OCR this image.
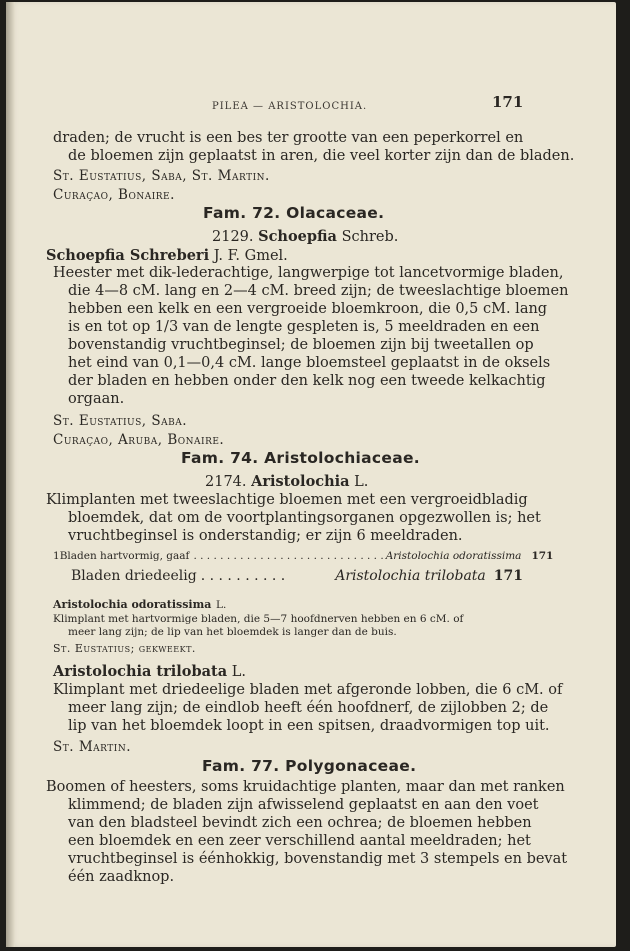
PILEA — ARISTOLOCHIA.	171
draden; de vrucht is een bes ter grootte van een peperkorrel en
de bloemen zijn geplaatst in aren, die veel korter zijn dan de bladen.
St. Eustatius, Saba, St. Martin.
Curaçao, Bonaire.
Fam. 72. Olacaceae.
2129. Schoepfia Schreb.
Schoepfia Schreberi J. F. Gmel.
Heester met dik-lederachtige, langwerpige tot lancetvormige bladen,
die 4—8 cM. lang en 2—4 cM. breed zijn; de tweeslachtige bloemen
hebben een kelk en een vergroeide bloemkroon, die 0,5 cM. lang
is en tot op 1/3 van de lengte gespleten is, 5 meeldraden en een
bovenstandig vruchtbeginsel; de bloemen zijn bij tweetallen op
het eind van 0,1—0,4 cM. lange bloemsteel geplaatst in de oksels
der bladen en hebben onder den kelk nog een tweede kelkachtig
orgaan.
St. Eustatius, Saba.
Curaçao, Aruba, Bonaire.
Fam. 74. Aristolochiaceae.
2174. Aristolochia L.
Klimplanten met tweeslachtige bloemen met een vergroeidbladig
bloemdek, dat om de voortplantingsorganen opgezwollen is; het
vruchtbeginsel is onderstandig; er zijn 6 meeldraden.
1 Bladen hartvormig, gaaf . . . . . . . . . . . . . . . . . . . . . . . . . . . . . Aristolochia odoratissima 171
Bladen driedeelig . . . . . . . . . .	Aristolochia trilobata 171
Aristolochia odoratissima L.
Klimplant met hartvormige bladen, die 5—7 hoofdnerven hebben en 6 cM. of
meer lang zijn; de lip van het bloemdek is langer dan de buis.
St. Eustatius; gekweekt.
Aristolochia trilobata L.
Klimplant met driedeelige bladen met afgeronde lobben, die 6 cM. of
meer lang zijn; de eindlob heeft één hoofdnerf, de zijlobben 2; de
lip van het bloemdek loopt in een spitsen, draadvormigen top uit.
St. Martin.
Fam. 77. Polygonaceae.
Boomen of heesters, soms kruidachtige planten, maar dan met ranken
klimmend; de bladen zijn afwisselend geplaatst en aan den voet
van den bladsteel bevindt zich een ochrea; de bloemen hebben
een bloemdek en een zeer verschillend aantal meeldraden; het
vruchtbeginsel is éénhokkig, bovenstandig met 3 stempels en bevat
één zaadknop.
